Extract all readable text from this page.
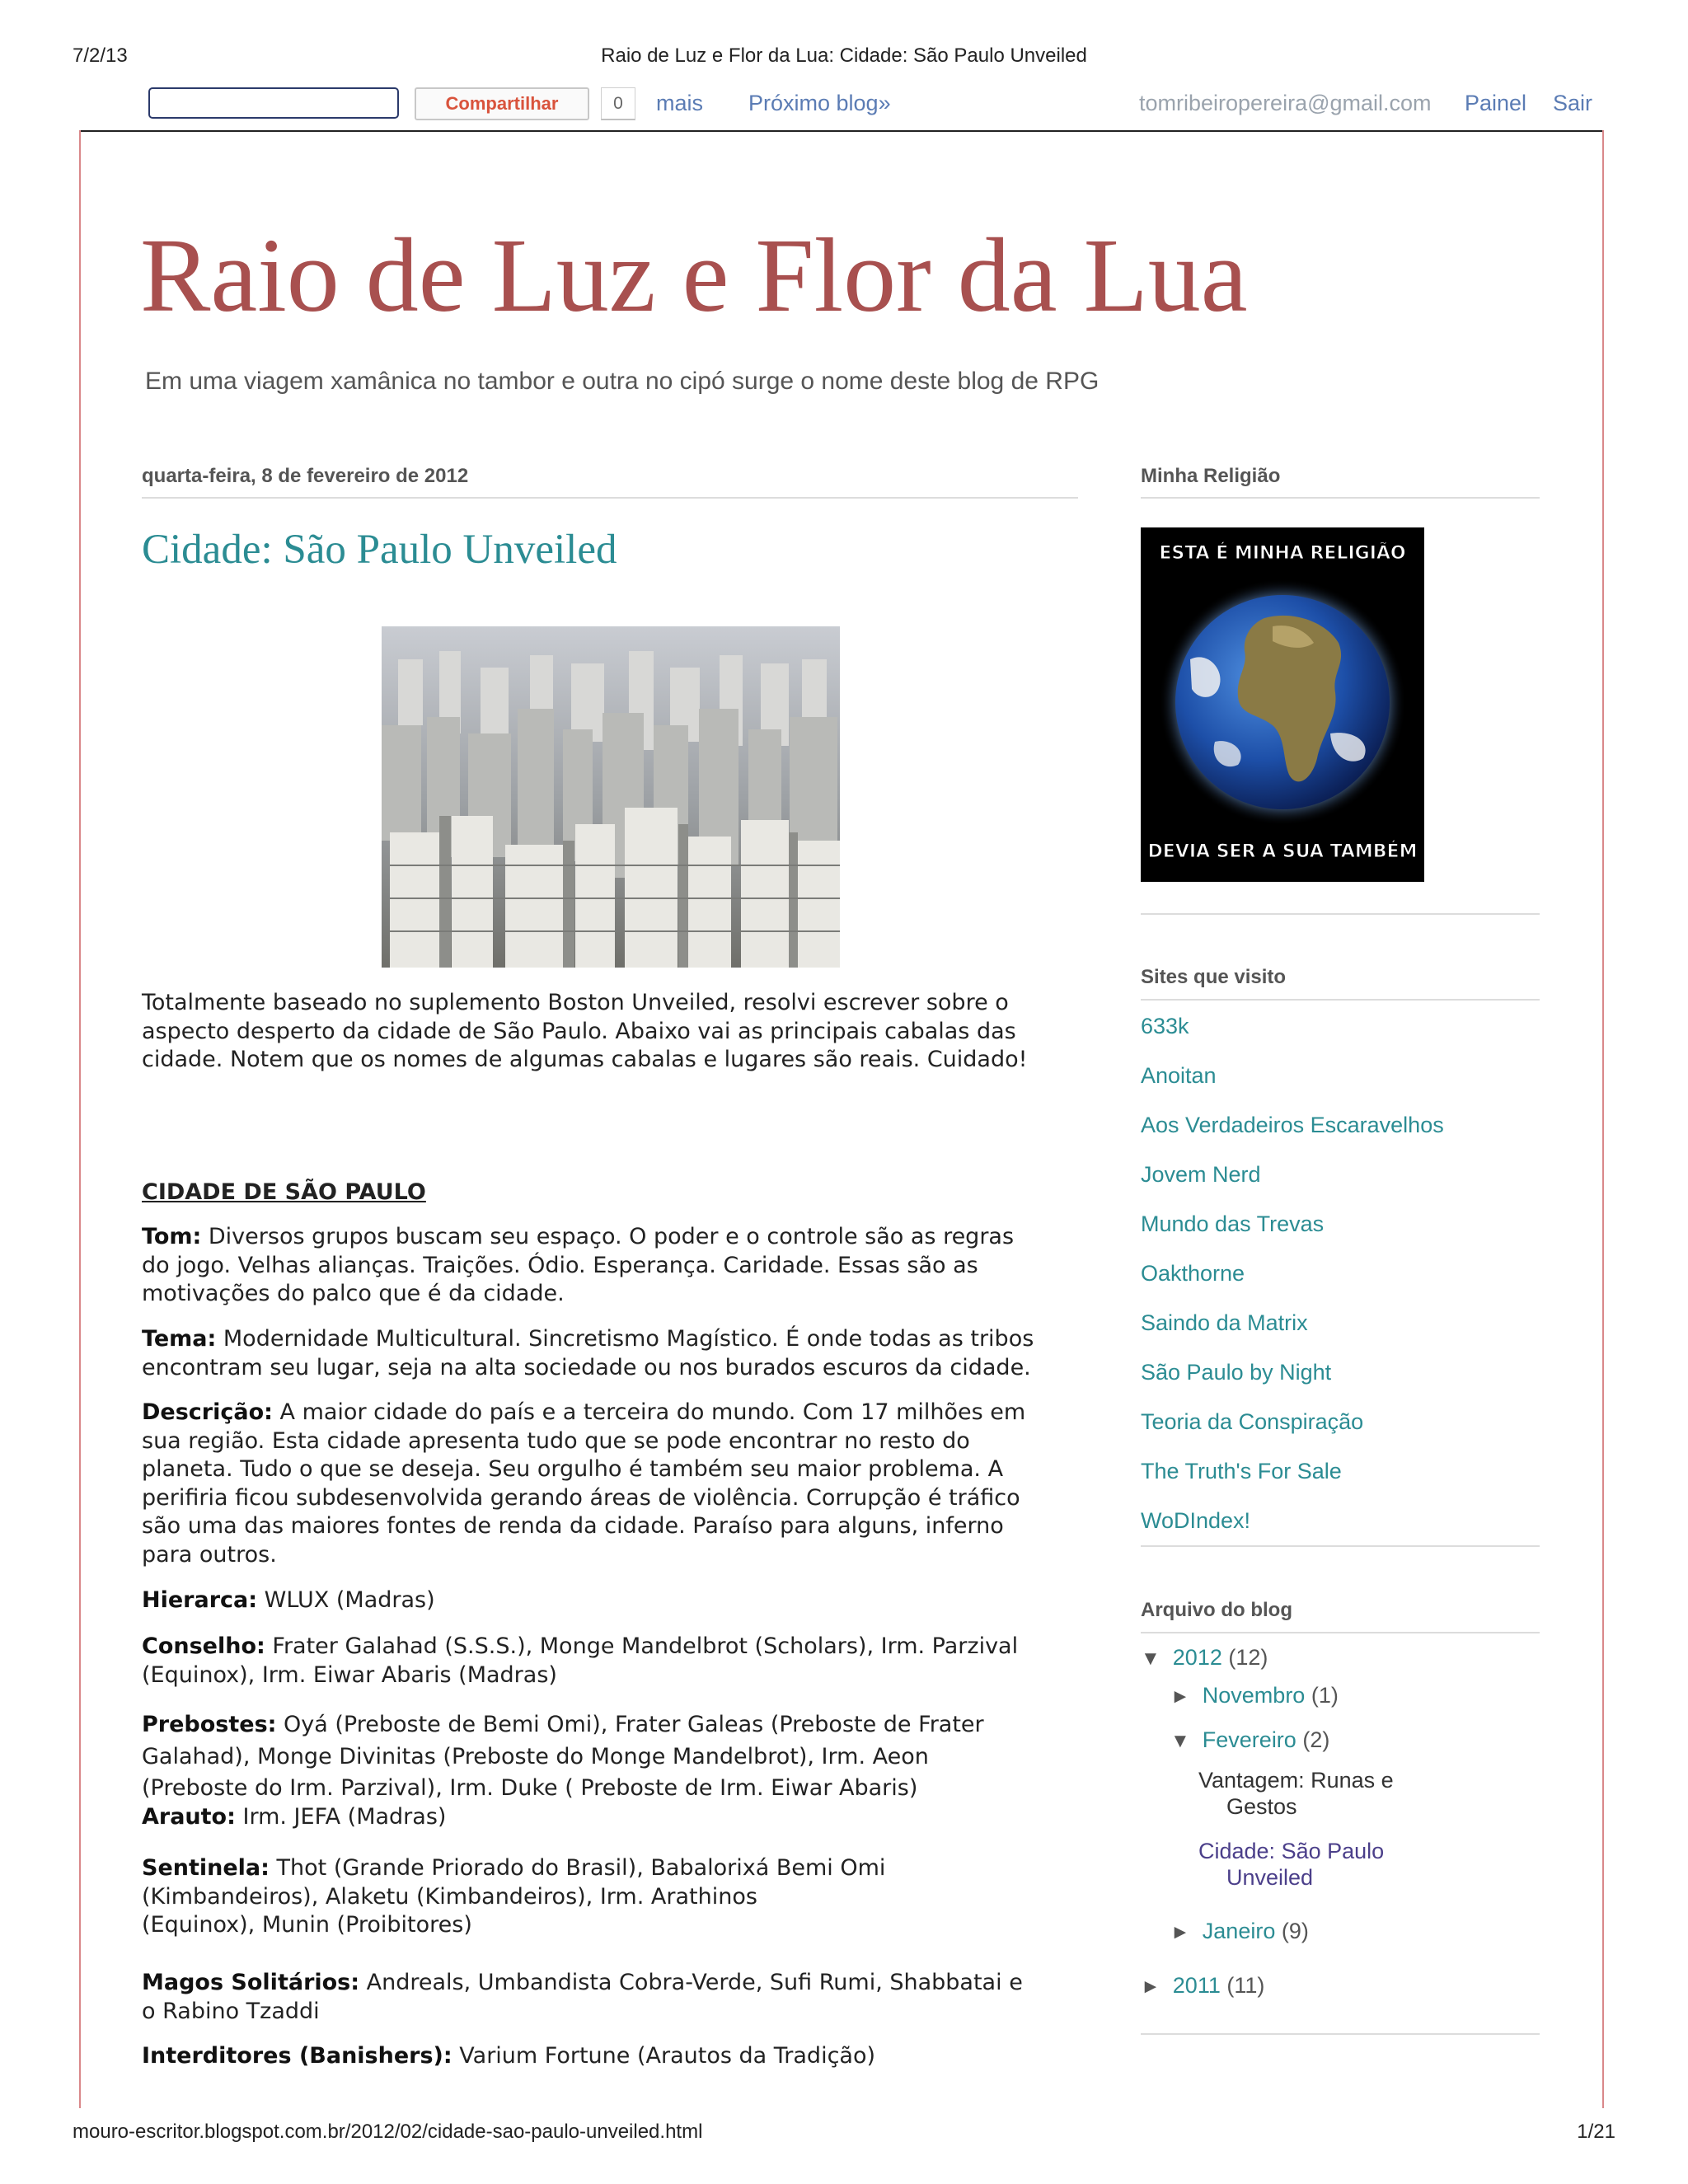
7/2/13	Raio de Luz e Flor da Lua: Cidade: São Paulo Unveiled
Compartilhar	0	mais Próximo blog»	tomribeiropereira@gmail.com Painel Sair
Raio de Luz e Flor da Lua
Em uma viagem xamânica no tambor e outra no cipó surge o nome deste blog de RPG
quarta-feira, 8 de fevereiro de 2012
Cidade: São Paulo Unveiled

Totalmente baseado no suplemento Boston Unveiled, resolvi escrever sobre o

aspecto desperto da cidade de São Paulo. Abaixo vai as principais cabalas das

cidade. Notem que os nomes de algumas cabalas e lugares são reais. Cuidado!

CIDADE DE SÃO PAULO

Tom: Diversos grupos buscam seu espaço. O poder e o controle são as regras

do jogo. Velhas alianças. Traições. Ódio. Esperança. Caridade. Essas são as

motivações do palco que é da cidade.

Tema: Modernidade Multicultural. Sincretismo Magístico. É onde todas as tribos

encontram seu lugar, seja na alta sociedade ou nos burados escuros da cidade.

Descrição: A maior cidade do país e a terceira do mundo. Com 17 milhões em

sua região. Esta cidade apresenta tudo que se pode encontrar no resto do

planeta. Tudo o que se deseja. Seu orgulho é também seu maior problema. A

perifiria ficou subdesenvolvida gerando áreas de violência. Corrupção é tráfico

são uma das maiores fontes de renda da cidade. Paraíso para alguns, inferno

para outros.

Hierarca: WLUX (Madras)

Conselho: Frater Galahad (S.S.S.), Monge Mandelbrot (Scholars), Irm. Parzival

(Equinox), Irm. Eiwar Abaris (Madras)

Prebostes: Oyá (Preboste de Bemi Omi), Frater Galeas (Preboste de Frater

Galahad), Monge Divinitas (Preboste do Monge Mandelbrot), Irm. Aeon

(Preboste do Irm. Parzival), Irm. Duke ( Preboste de Irm. Eiwar Abaris)

Arauto: Irm. JEFA (Madras)

Sentinela: Thot (Grande Priorado do Brasil), Babalorixá Bemi Omi

(Kimbandeiros), Alaketu (Kimbandeiros), Irm. Arathinos

(Equinox), Munin (Proibitores)

Magos Solitários: Andreals, Umbandista Cobra-Verde, Sufi Rumi, Shabbatai e

o Rabino Tzaddi

Interditores (Banishers): Varium Fortune (Arautos da Tradição)

Minha Religião
ESTA É MINHA RELIGIÃO
DEVIA SER A SUA TAMBÉM
Sites que visito
633k
Anoitan
Aos Verdadeiros Escaravelhos
Jovem Nerd
Mundo das Trevas
Oakthorne
Saindo da Matrix
São Paulo by Night
Teoria da Conspiração
The Truth's For Sale
WoDIndex!
Arquivo do blog
▼ 2012 (12)
► Novembro (1)
▼ Fevereiro (2)
Vantagem: Runas e
Gestos
Cidade: São Paulo
Unveiled
► Janeiro (9)
► 2011 (11)
mouro-escritor.blogspot.com.br/2012/02/cidade-sao-paulo-unveiled.html	1/21
